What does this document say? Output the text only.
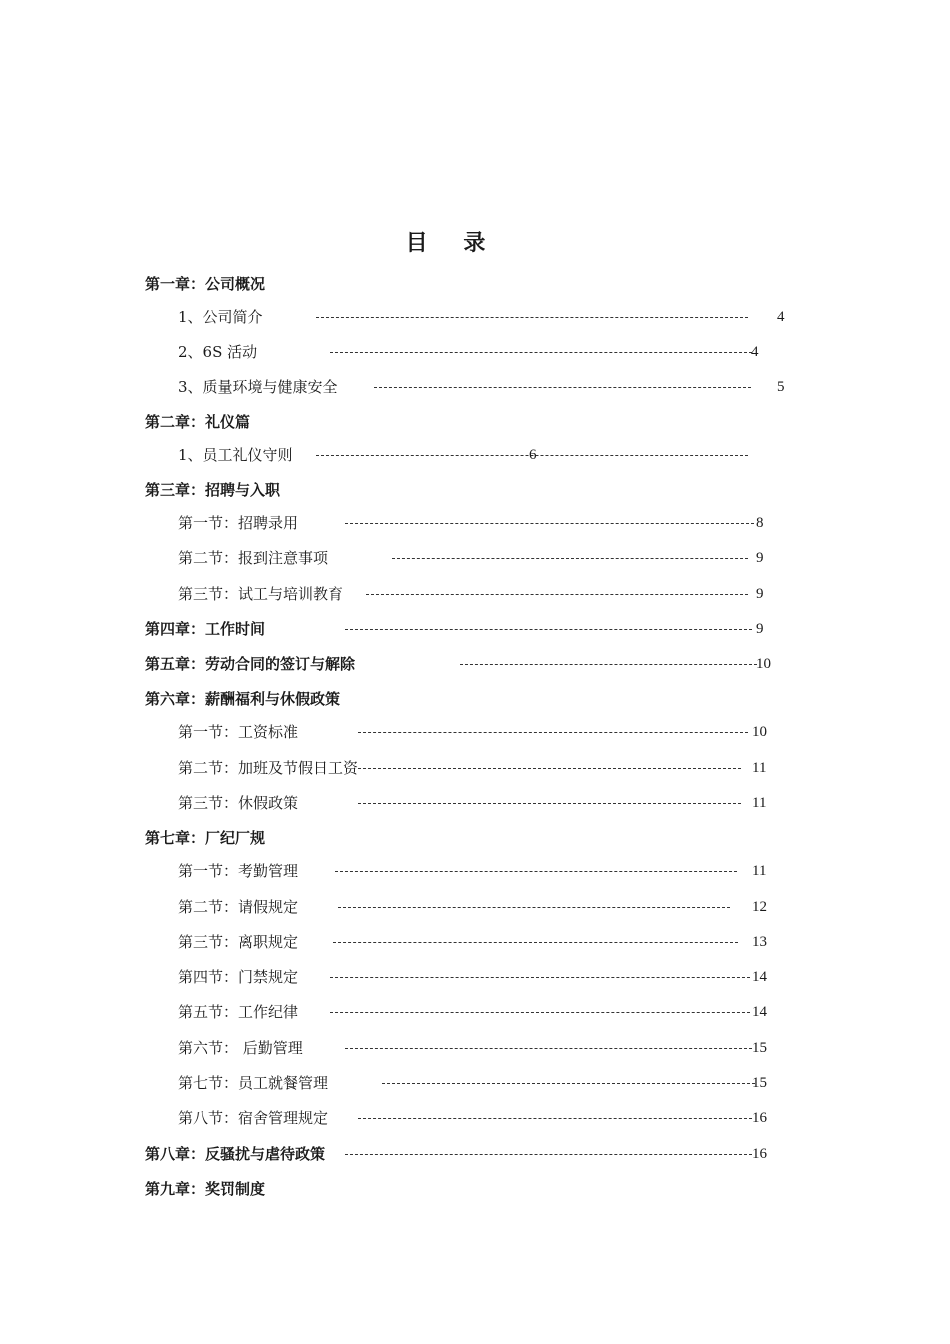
目 录
第一章：公司概况
1、公司简介	4
2、6S 活动	4
3、质量环境与健康安全	5
第二章：礼仪篇
1、员工礼仪守则	6
第三章：招聘与入职
第一节：招聘录用	8
第二节：报到注意事项	9
第三节：试工与培训教育	9
第四章：工作时间	9
第五章：劳动合同的签订与解除	10
第六章：薪酬福利与休假政策
第一节：工资标准	10
第二节：加班及节假日工资	11
第三节：休假政策	11
第七章：厂纪厂规
第一节：考勤管理	11
第二节：请假规定	12
第三节：离职规定	13
第四节：门禁规定	14
第五节：工作纪律	14
第六节： 后勤管理	15
第七节：员工就餐管理	15
第八节：宿舍管理规定	16
第八章：反骚扰与虐待政策	16
第九章：奖罚制度
